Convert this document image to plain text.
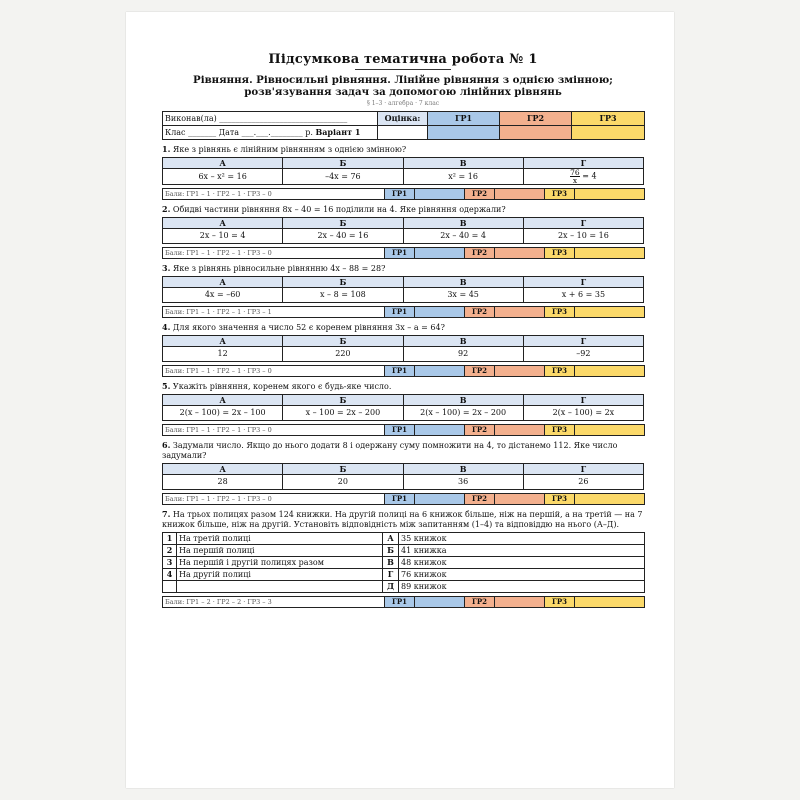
Підсумкова тематична робота № 1
Рівняння. Рівносильні рівняння. Лінійне рівняння з однією змінною; розв'язування задач за допомогою лінійних рівнянь
§ 1–3 · алгебра · 7 клас
Виконав(ла) ________________________________	Оцінка:	ГР1	ГР2	ГР3
Клас _______ Дата ___.___.________ р. Варіант 1				
1. Яке з рівнянь є лінійним рівнянням з однією змінною?
А	Б	В	Г
6x – x² = 16	–4x = 76	x² = 16	$\frac{76}{x} = 4$
Бали: ГР1 – 1 · ГР2 – 1 · ГР3 – 0	ГР1		ГР2		ГР3	
2. Обидві частини рівняння 8x – 40 = 16 поділили на 4. Яке рівняння одержали?
А	Б	В	Г
2x – 10 = 4	2x – 40 = 16	2x – 40 = 4	2x – 10 = 16
Бали: ГР1 – 1 · ГР2 – 1 · ГР3 – 0	ГР1		ГР2		ГР3	
3. Яке з рівнянь рівносильне рівнянню 4x – 88 = 28?
А	Б	В	Г
4x = –60	x – 8 = 108	3x = 45	x + 6 = 35
Бали: ГР1 – 1 · ГР2 – 1 · ГР3 – 1	ГР1		ГР2		ГР3	
4. Для якого значення a число 52 є коренем рівняння 3x – a = 64?
А	Б	В	Г
12	220	92	–92
Бали: ГР1 – 1 · ГР2 – 1 · ГР3 – 0	ГР1		ГР2		ГР3	
5. Укажіть рівняння, коренем якого є будь-яке число.
А	Б	В	Г
2(x – 100) = 2x – 100	x – 100 = 2x – 200	2(x – 100) = 2x – 200	2(x – 100) = 2x
Бали: ГР1 – 1 · ГР2 – 1 · ГР3 – 0	ГР1		ГР2		ГР3	
6. Задумали число. Якщо до нього додати 8 і одержану суму помножити на 4, то дістанемо 112. Яке число задумали?
А	Б	В	Г
28	20	36	26
Бали: ГР1 – 1 · ГР2 – 1 · ГР3 – 0	ГР1		ГР2		ГР3	
7. На трьох полицях разом 124 книжки. На другій полиці на 6 книжок більше, ніж на першій, а на третій — на 7 книжок більше, ніж на другій. Установіть відповідність між запитанням (1–4) та відповіддю на нього (А–Д).
1	На третій полиці	А	35 книжок
2	На першій полиці	Б	41 книжка
3	На першій і другій полицях разом	В	48 книжок
4	На другій полиці	Г	76 книжок
		Д	89 книжок
Бали: ГР1 – 2 · ГР2 – 2 · ГР3 – 3	ГР1		ГР2		ГР3	
